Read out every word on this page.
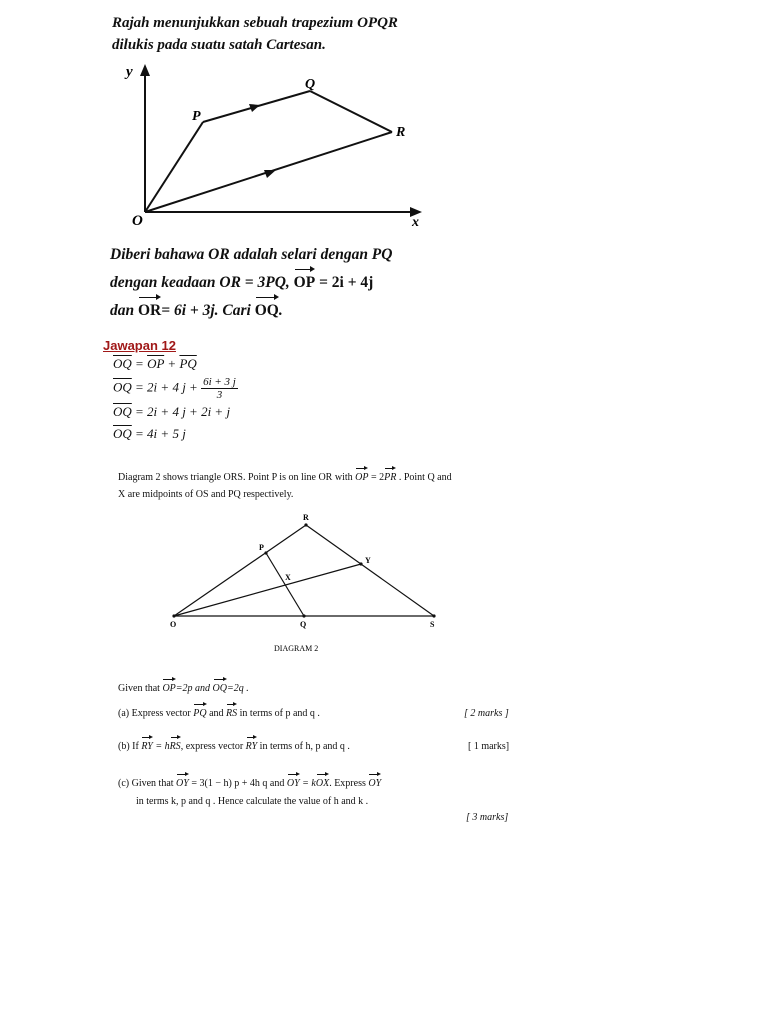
Rajah menunjukkan sebuah trapezium OPQR
dilukis pada suatu satah Cartesan.
y
x
O
P
Q
R
Diberi bahawa OR adalah selari dengan PQ
dengan keadaan OR = 3PQ, OP = 2i + 4j
dan OR= 6i + 3j. Cari OQ.
Jawapan 12
$\overline{OQ} = \overline{OP} + \overline{PQ}$
$\overline{OQ} = 2i + 4$ $j + \frac{6i + 3 j}{3}$
$\overline{OQ} = 2i + 4$ j + 2i + j
$\overline{OQ} = 4i + 5$ j
Diagram 2 shows triangle ORS. Point P is on line OR with OP = 2PR . Point Q and
X are midpoints of OS and PQ respectively.
R
P
Y
X
O	Q	S
DIAGRAM 2
Given that OP=2p and OQ=2q .
(a) Express vector PQ and RS in terms of p and q .	[ 2 marks ]
(b) If RY = hRS, express vector RY in terms of h, p and q .	[ 1 marks]
(c) Given that OY = 3(1 − h) p + 4h q and OY = kOX. Express OY
in terms k, p and q . Hence calculate the value of h and k .
[ 3 marks]
